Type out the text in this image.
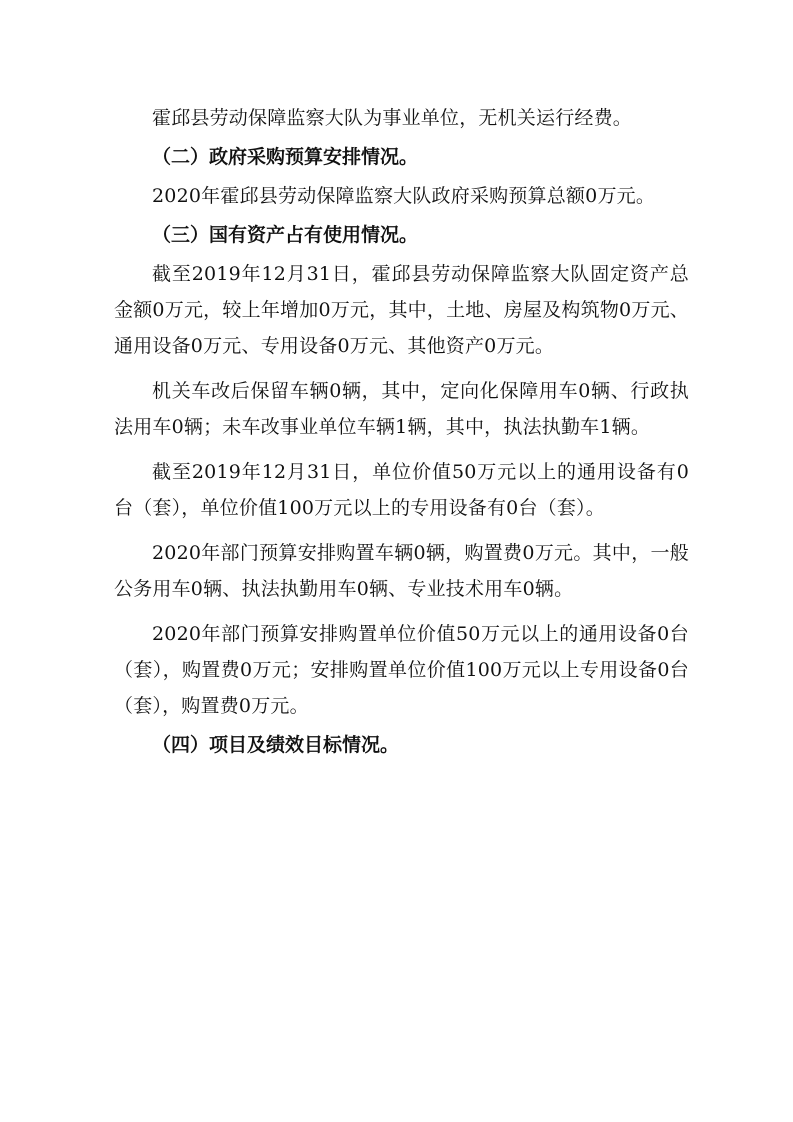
霍邱县劳动保障监察大队为事业单位，无机关运行经费。

（二）政府采购预算安排情况。

2020年霍邱县劳动保障监察大队政府采购预算总额0万元。

（三）国有资产占有使用情况。

截至2019年12月31日，霍邱县劳动保障监察大队固定资产总金额0万元，较上年增加0万元，其中，土地、房屋及构筑物0万元、通用设备0万元、专用设备0万元、其他资产0万元。

机关车改后保留车辆0辆，其中，定向化保障用车0辆、行政执法用车0辆；未车改事业单位车辆1辆，其中，执法执勤车1辆。

截至2019年12月31日，单位价值50万元以上的通用设备有0台（套），单位价值100万元以上的专用设备有0台（套）。

2020年部门预算安排购置车辆0辆，购置费0万元。其中，一般公务用车0辆、执法执勤用车0辆、专业技术用车0辆。

2020年部门预算安排购置单位价值50万元以上的通用设备0台（套），购置费0万元；安排购置单位价值100万元以上专用设备0台（套），购置费0万元。

（四）项目及绩效目标情况。
